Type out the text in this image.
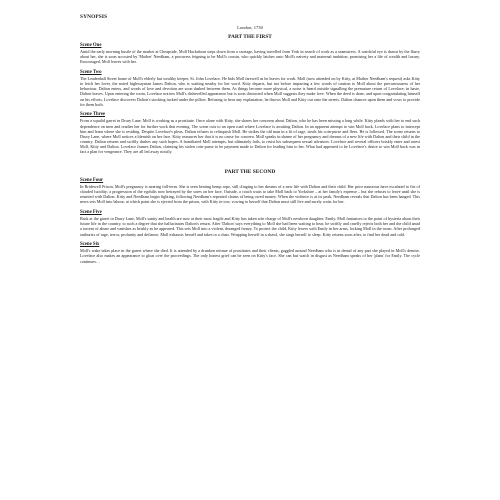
SYNOPSIS

London, 1730

PART THE FIRST

Scene One

Amid the early morning bustle of the market at Cheapside, Moll Hackabout steps down from a carriage, having travelled from York in search of work as a seamstress. A watchful eye is drawn by the flurry about her, she is soon accosted by 'Mother' Needham, a procuress feigning to be Moll's cousin, who quickly latches onto Moll's naivety and maternal ambition, promising her a life of wealth and luxury. Encouraged, Moll leaves with her.

Scene Two

The Leadenhall Street home of Moll's elderly but wealthy keeper, St. John Lovelace. He bids Moll farewell as he leaves for work. Moll (now attended on by Kitty, at Mother Needham's request) asks Kitty to fetch her lover, the noted highwayman James Dalton, who is waiting nearby for her word. Kitty departs, but not before imparting a few words of caution to Moll about the precariousness of her behaviour. Dalton enters, and words of love and devotion are soon dashed between them. As things become more physical, a noise is heard outside signalling the premature return of Lovelace; in haste, Dalton leaves. Upon entering the room, Lovelace notices Moll's dishevelled appearance but is soon distracted when Moll suggests they make love. When the deed is done, and upon congratulating himself on his efforts, Lovelace discovers Dalton's stocking tucked under the pillow. Refusing to hear any explanation, he throws Moll and Kitty out onto the streets. Dalton chances upon them and vows to provide for them both.

Scene Three

From a squalid garret in Drury Lane, Moll is working as a prostitute. Once alone with Kitty, she shares her concerns about Dalton, who he has been missing a long while. Kitty pleads with her to end such dependence on men and readies her for further work that evening. The scene cuts to an open road where Lovelace is awaiting Dalton. In an apparent attempt to win Moll back, Lovelace plans to intercept him and learn where she is residing. Despite Lovelace's pleas, Dalton refuses to relinquish Moll. He strikes the old man in a fit of rage, steals his coin-purse and flees. He is followed. The scene returns to Drury Lane, where Moll notices a blemish on her face. Kitty reassures her that it is no cause for concern. Moll speaks in shame of her pregnancy and dreams of a new life with Dalton and their child in the country. Dalton returns and swiftly dashes any such hopes. A humiliated Moll attempts, but ultimately fails, to resist his subsequent sexual advances. Lovelace and several officers briskly enter and arrest Moll, Kitty and Dalton. Lovelace frames Dalton, claiming his stolen coin-purse to be payment made to Dalton for leading him to her. What had appeared to be Lovelace's desire to win Moll back was in fact a plan for vengeance. They are all led away noisily.

PART THE SECOND

Scene Four

In Bridewell Prison, Moll's pregnancy is nearing full-term. She is seen beating hemp rope, still clinging to her dreams of a new life with Dalton and their child. Her prior nauseous have escalated to fits of clouded lucidity; a progression of the syphilis now betrayed by the sores on her face. Outside, a coach waits to take Moll back to Yorkshire – at her family's expense – but she refuses to leave until she is reunited with Dalton. Kitty and Needham begin fighting, following Needham's repeated claims of being owed money. When the violence is at its peak, Needham reveals that Dalton has been hanged. This news sets Moll into labour, at which point she is ejected from the prison, with Kitty in tow, vowing to herself that Dalton must still live and surely waits for her.

Scene Five

Back at the garret in Drury Lane, Moll's sanity and health are now at their most fragile and Kitty has taken sole charge of Moll's newborn daughter, Emily. Moll fantasises to the point of hysteria about their future life in the country, to such a degree that she hallucinates Dalton's return. After 'Dalton' says everything to Moll she had been waiting to hear, he swiftly and cruelly rejects both her and the child amid a torrent of abuse and vanishes as briskly as he appeared. This sets Moll into a violent, deranged frenzy. To protect the child, Kitty leaves with Emily in her arms, locking Moll in the room. After prolonged outbursts of rage, terror, profanity and defiance, Moll exhausts herself and takes to a chair. Wrapping herself in a shawl, she sings herself to sleep. Kitty returns soon after, to find her dead and cold.

Scene Six

Moll's wake takes place in the garret where she died. It is attended by a drunken retinue of prostitutes and their clients, gaggled around Needham who is in denial of any part she played in Moll's demise. Lovelace also makes an appearance to gloat over the proceedings. The only honest grief can be seen on Kitty's face. She can but watch in disgust as Needham speaks of her 'plans' for Emily. The cycle continues…
